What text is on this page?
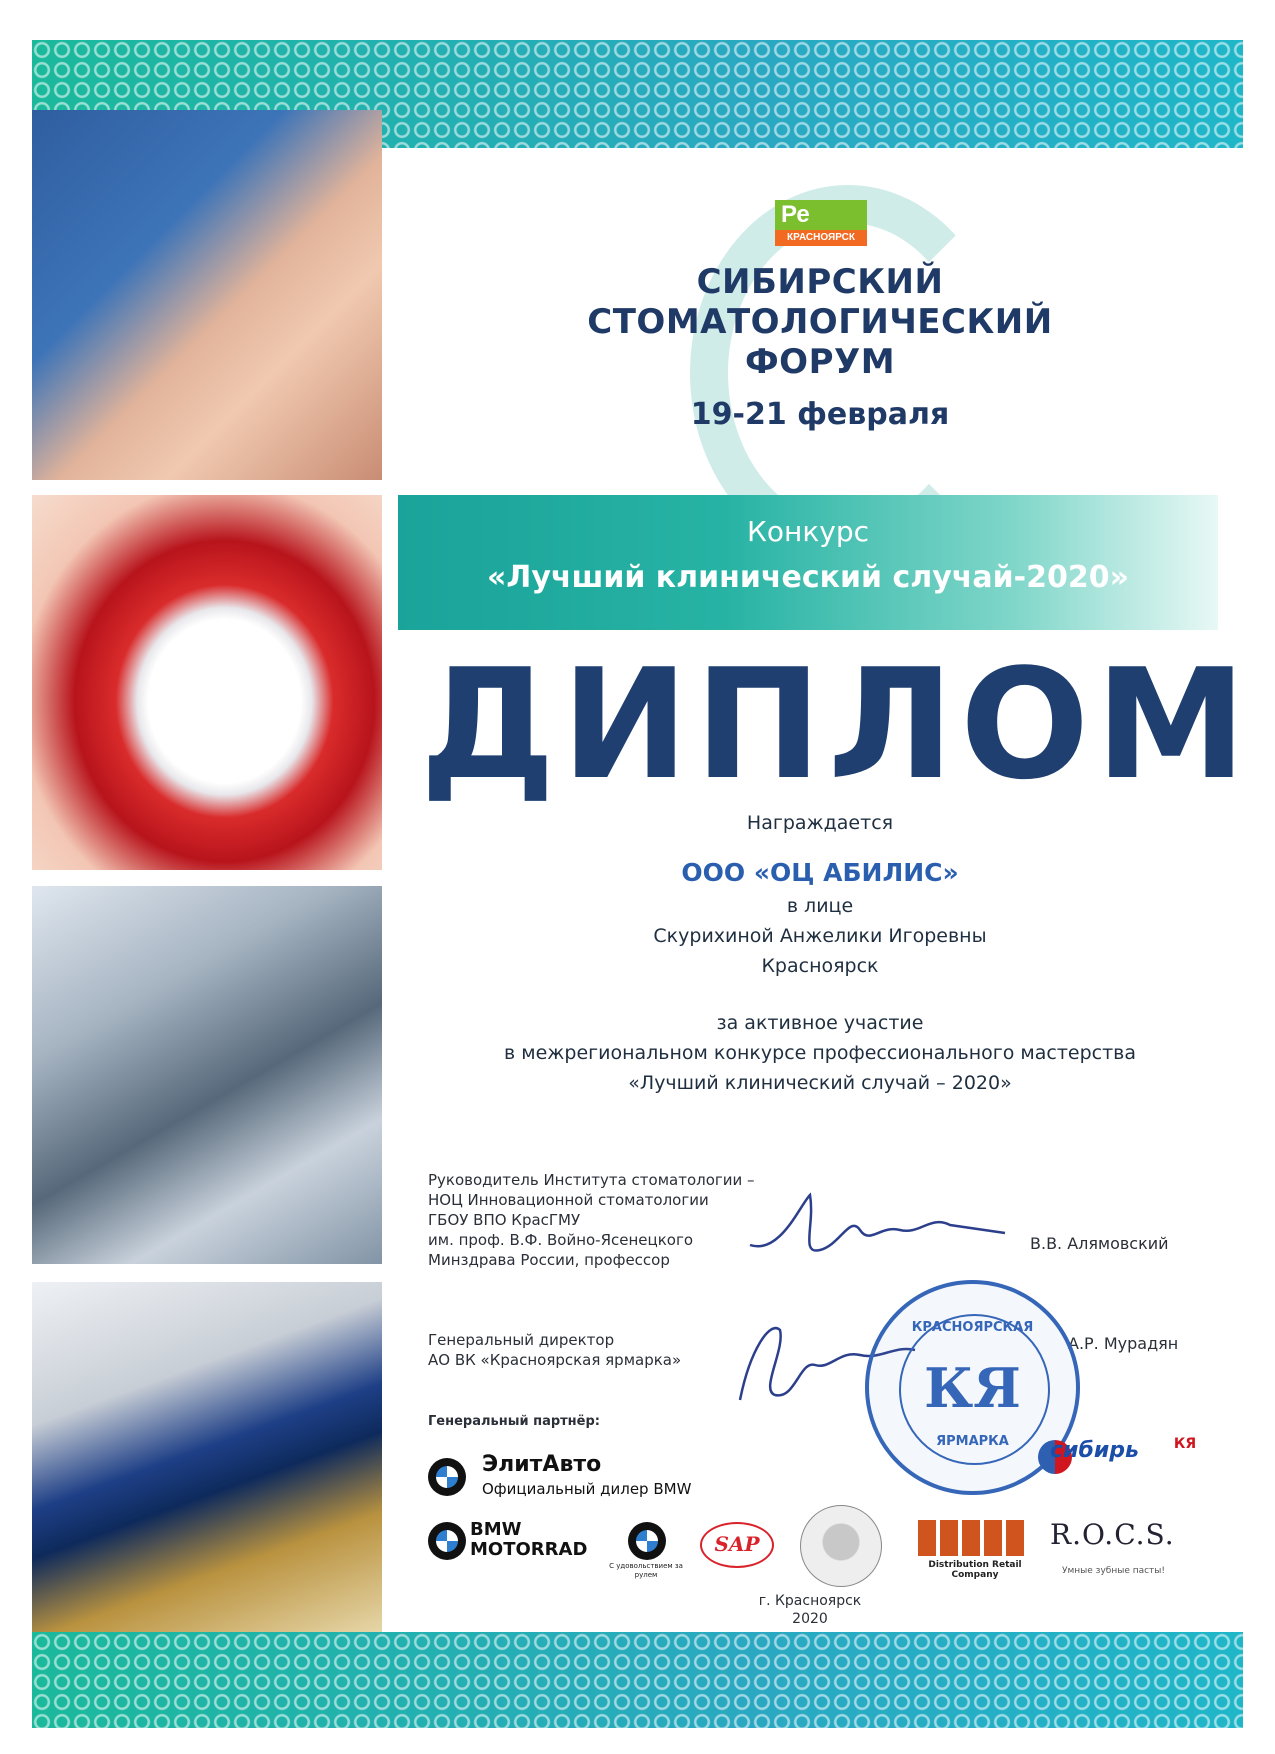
Ре
КРАСНОЯРСК
СИБИРСКИЙ
СТОМАТОЛОГИЧЕСКИЙ
ФОРУМ
19-21 февраля
Конкурс
«Лучший клинический случай-2020»
ДИПЛОМ
Награждается
ООО «ОЦ АБИЛИС»
в лице
Скурихиной Анжелики Игоревны
Красноярск
за активное участие
в межрегиональном конкурсе профессионального мастерства
«Лучший клинический случай – 2020»
Руководитель Института стоматологии –
НОЦ Инновационной стоматологии
ГБОУ ВПО КрасГМУ
им. проф. В.Ф. Войно-Ясенецкого
Минздрава России, профессор
В.В. Алямовский
Генеральный директор
АО ВК «Красноярская ярмарка»
А.Р. Мурадян
КРАСНОЯРСКАЯ
КЯ
ЯРМАРКА	сибирь КЯ
Генеральный партнёр:
ЭлитАвто
Официальный дилер BMW
BMW
MOTORRAD
С удовольствием за рулем
SAP
г. Красноярск
2020
Distribution Retail Company
R.O.C.S.
Умные зубные пасты!
